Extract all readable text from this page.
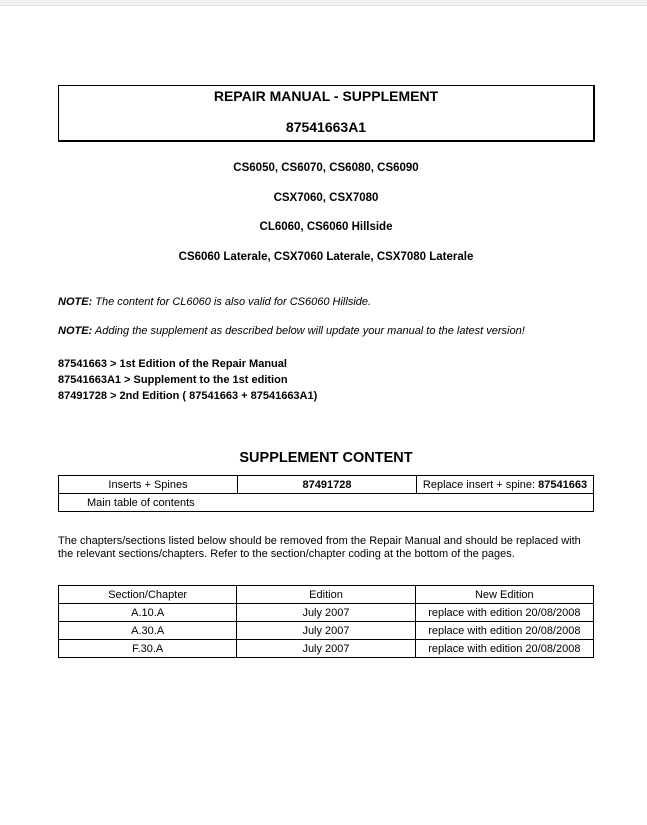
REPAIR MANUAL - SUPPLEMENT
87541663A1
CS6050, CS6070, CS6080, CS6090
CSX7060, CSX7080
CL6060, CS6060 Hillside
CS6060 Laterale, CSX7060 Laterale, CSX7080 Laterale
NOTE: The content for CL6060 is also valid for CS6060 Hillside.
NOTE: Adding the supplement as described below will update your manual to the latest version!
87541663 > 1st Edition of the Repair Manual
87541663A1 > Supplement to the 1st edition
87491728 > 2nd Edition ( 87541663 + 87541663A1)
SUPPLEMENT CONTENT
Inserts + Spines	87491728	Replace insert + spine: 87541663
Main table of contents		
The chapters/sections listed below should be removed from the Repair Manual and should be replaced with the relevant sections/chapters. Refer to the section/chapter coding at the bottom of the pages.
Section/Chapter	Edition	New Edition
A.10.A	July 2007	replace with edition 20/08/2008
A.30.A	July 2007	replace with edition 20/08/2008
F.30.A	July 2007	replace with edition 20/08/2008
